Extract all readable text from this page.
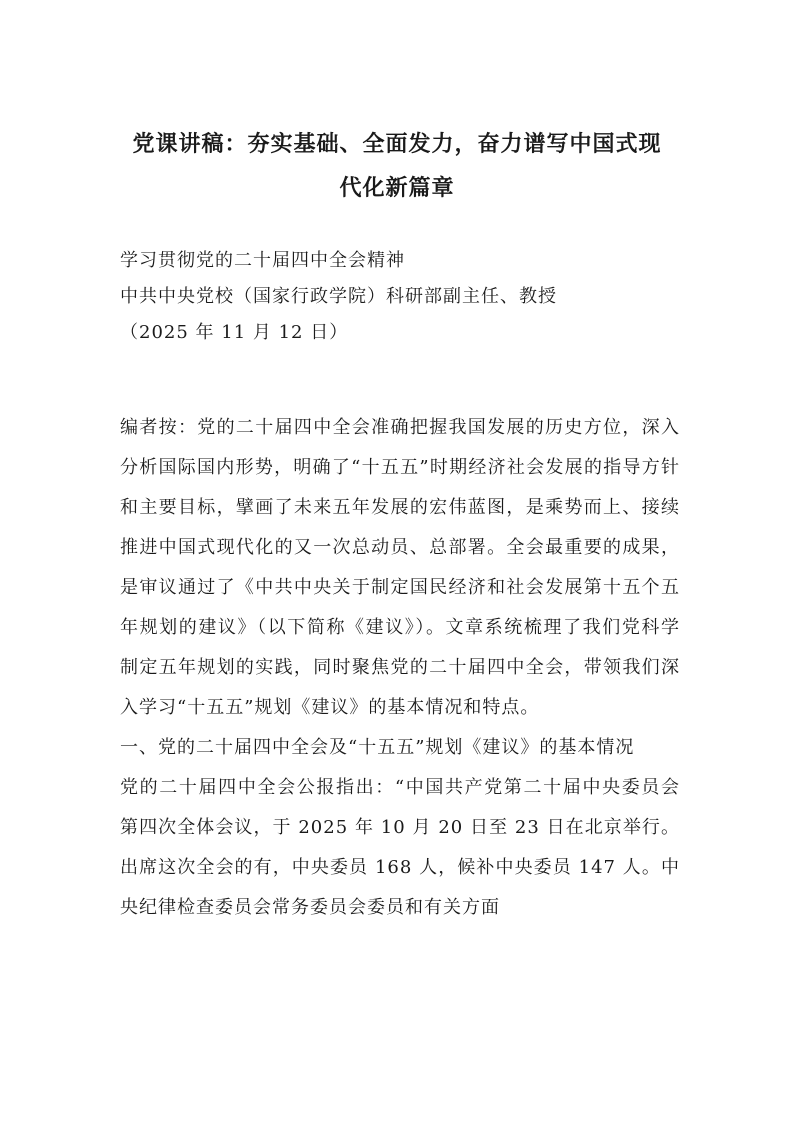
党课讲稿：夯实基础、全面发力，奋力谱写中国式现
代化新篇章
学习贯彻党的二十届四中全会精神
中共中央党校（国家行政学院）科研部副主任、教授
（2025 年 11 月 12 日）

编者按：党的二十届四中全会准确把握我国发展的历史方位，深入分析国际国内形势，明确了“十五五”时期经济社会发展的指导方针和主要目标，擘画了未来五年发展的宏伟蓝图，是乘势而上、接续推进中国式现代化的又一次总动员、总部署。全会最重要的成果，是审议通过了《中共中央关于制定国民经济和社会发展第十五个五年规划的建议》（以下简称《建议》）。文章系统梳理了我们党科学制定五年规划的实践，同时聚焦党的二十届四中全会，带领我们深入学习“十五五”规划《建议》的基本情况和特点。

一、党的二十届四中全会及“十五五”规划《建议》的基本情况

党的二十届四中全会公报指出：“中国共产党第二十届中央委员会第四次全体会议，于 2025 年 10 月 20 日至 23 日在北京举行。出席这次全会的有，中央委员 168 人，候补中央委员 147 人。中央纪律检查委员会常务委员会委员和有关方面
